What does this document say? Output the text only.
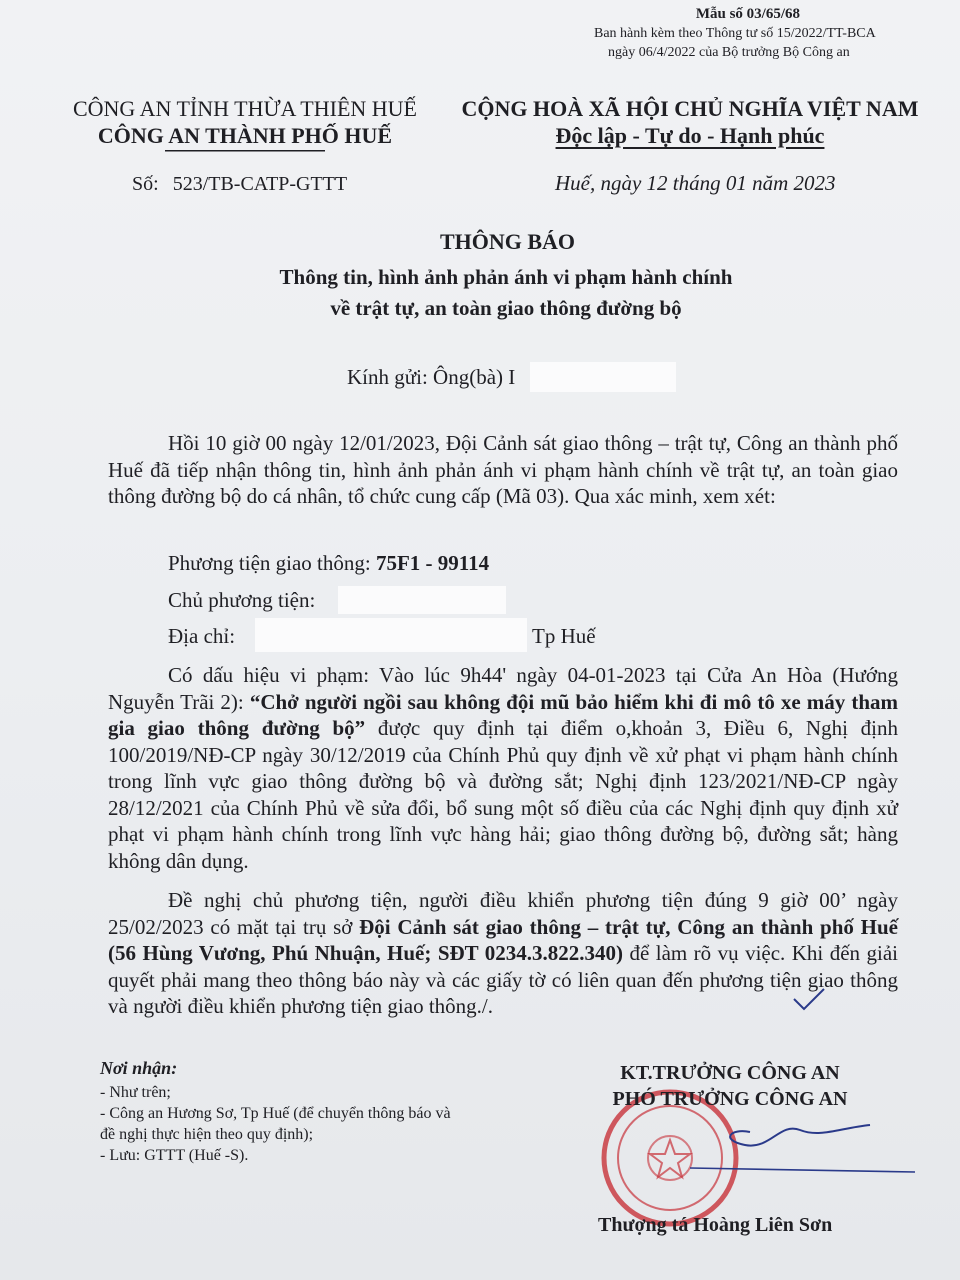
Mẫu số 03/65/68
Ban hành kèm theo Thông tư số 15/2022/TT-BCA
ngày 06/4/2022 của Bộ trưởng Bộ Công an
CÔNG AN TỈNH THỪA THIÊN HUẾ
CÔNG AN THÀNH PHỐ HUẾ
CỘNG HOÀ XÃ HỘI CHỦ NGHĨA VIỆT NAM
Độc lập - Tự do - Hạnh phúc
Số: 523/TB-CATP-GTTT	Huế, ngày 12 tháng 01 năm 2023
THÔNG BÁO
Thông tin, hình ảnh phản ánh vi phạm hành chính
về trật tự, an toàn giao thông đường bộ
Kính gửi: Ông(bà) I

Hồi 10 giờ 00 ngày 12/01/2023, Đội Cảnh sát giao thông – trật tự, Công an thành phố Huế đã tiếp nhận thông tin, hình ảnh phản ánh vi phạm hành chính về trật tự, an toàn giao thông đường bộ do cá nhân, tổ chức cung cấp (Mã 03). Qua xác minh, xem xét:

Phương tiện giao thông: 75F1 - 99114
Chủ phương tiện:
Địa chỉ:	Tp Huế

Có dấu hiệu vi phạm: Vào lúc 9h44' ngày 04-01-2023 tại Cửa An Hòa (Hướng Nguyễn Trãi 2): “Chở người ngồi sau không đội mũ bảo hiểm khi đi mô tô xe máy tham gia giao thông đường bộ” được quy định tại điểm o,khoản 3, Điều 6, Nghị định 100/2019/NĐ-CP ngày 30/12/2019 của Chính Phủ quy định về xử phạt vi phạm hành chính trong lĩnh vực giao thông đường bộ và đường sắt; Nghị định 123/2021/NĐ-CP ngày 28/12/2021 của Chính Phủ về sửa đổi, bổ sung một số điều của các Nghị định quy định xử phạt vi phạm hành chính trong lĩnh vực hàng hải; giao thông đường bộ, đường sắt; hàng không dân dụng.

Đề nghị chủ phương tiện, người điều khiển phương tiện đúng 9 giờ 00’ ngày 25/02/2023 có mặt tại trụ sở Đội Cảnh sát giao thông – trật tự, Công an thành phố Huế (56 Hùng Vương, Phú Nhuận, Huế; SĐT 0234.3.822.340) để làm rõ vụ việc. Khi đến giải quyết phải mang theo thông báo này và các giấy tờ có liên quan đến phương tiện giao thông và người điều khiển phương tiện giao thông./.

Nơi nhận:
- Như trên;
- Công an Hương Sơ, Tp Huế (để chuyển thông báo và đề nghị thực hiện theo quy định);
- Lưu: GTTT (Huế -S).
KT.TRƯỞNG CÔNG AN
PHÓ TRƯỞNG CÔNG AN
Thượng tá Hoàng Liên Sơn
